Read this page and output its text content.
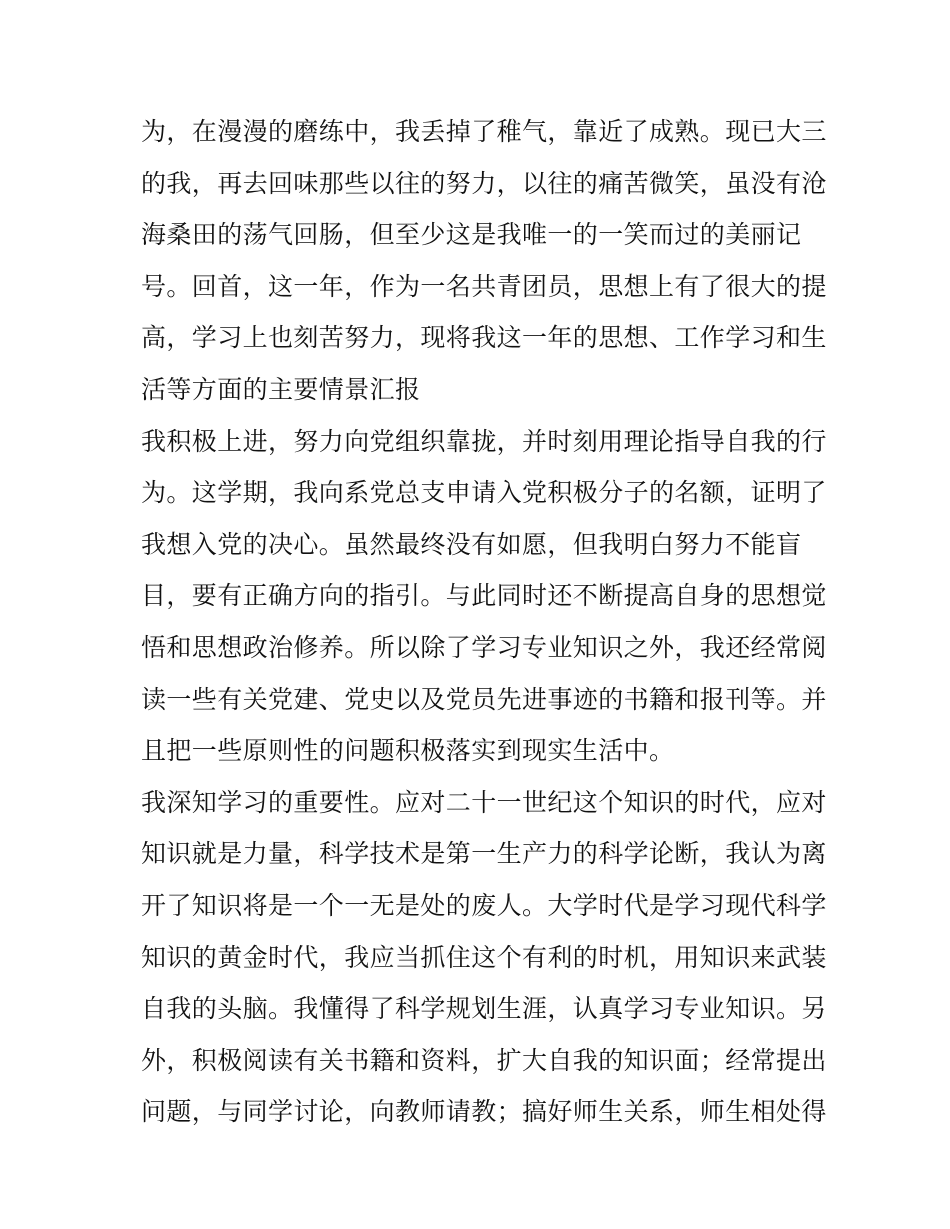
为，在漫漫的磨练中，我丢掉了稚气，靠近了成熟。现已大三
的我，再去回味那些以往的努力，以往的痛苦微笑，虽没有沧
海桑田的荡气回肠，但至少这是我唯一的一笑而过的美丽记
号。回首，这一年，作为一名共青团员，思想上有了很大的提
高，学习上也刻苦努力，现将我这一年的思想、工作学习和生
活等方面的主要情景汇报
我积极上进，努力向党组织靠拢，并时刻用理论指导自我的行
为。这学期，我向系党总支申请入党积极分子的名额，证明了
我想入党的决心。虽然最终没有如愿，但我明白努力不能盲
目，要有正确方向的指引。与此同时还不断提高自身的思想觉
悟和思想政治修养。所以除了学习专业知识之外，我还经常阅
读一些有关党建、党史以及党员先进事迹的书籍和报刊等。并
且把一些原则性的问题积极落实到现实生活中。
我深知学习的重要性。应对二十一世纪这个知识的时代，应对
知识就是力量，科学技术是第一生产力的科学论断，我认为离
开了知识将是一个一无是处的废人。大学时代是学习现代科学
知识的黄金时代，我应当抓住这个有利的时机，用知识来武装
自我的头脑。我懂得了科学规划生涯，认真学习专业知识。另
外，积极阅读有关书籍和资料，扩大自我的知识面；经常提出
问题，与同学讨论，向教师请教；搞好师生关系，师生相处得
